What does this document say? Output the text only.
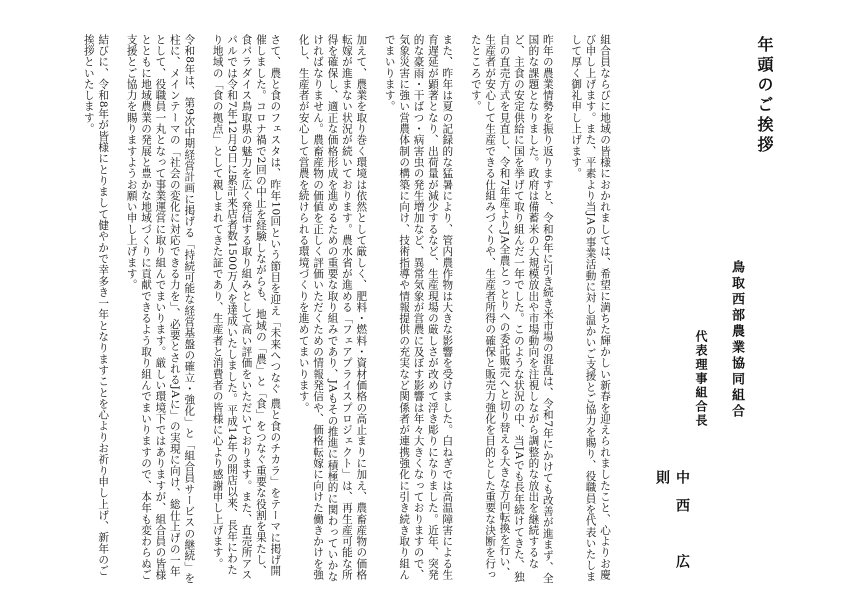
年頭のご挨拶
鳥取西部農業協同組合
代表理事組合長
中西　広則

組合員ならびに地域の皆様におかれましては、希望に満ちた輝かしい新春を迎えられましたこと、心よりお慶び申し上げます。また、平素より当JAの事業活動に対し温かいご支援とご協力を賜り、役職員を代表いたしまして厚く御礼申し上げます。

昨年の農業情勢を振り返りますと、令和6年に引き続き米市場の混乱は、令和7年にかけても改善が進まず、全国的な課題となりました。政府は備蓄米の大規模放出や市場動向を注視しながら調整的な放出を継続するなど、主食の安定供給に国を挙げて取り組んだ一年でした。このような状況の中、当JAでも長年続けてきた、独自の直売方式を見直し、令和7年産よりJA全農とっとりへの委託販売へと切り替える大きな方向転換を行い、生産者が安心して生産できる仕組みづくりや、生産者所得の確保と販売力強化を目的とした重要な決断を行ったところです。

また、昨年は夏の記録的な猛暑により、管内農作物は大きな影響を受けました。白ねぎでは高温障害による生育遅延が顕著となり、出荷量が減少するなど、生産現場の厳しさが改めて浮き彫りになりました。近年、突発的な豪雨・干ばつ・病害虫の発生増加など、異常気象が営農に及ぼす影響は年々大きくなっておりますので、気象災害に強い営農体制の構築に向け、技術指導や情報提供の充実など関係者が連携強化に引き続き取り組んでまいります。

加えて、農業を取り巻く環境は依然として厳しく、肥料・燃料・資材価格の高止まりに加え、農畜産物の価格転嫁が進まない状況が続いております。農水省が進める「フェアプライスプロジェクト」は、再生産可能な所得を確保し、適正な価格形成を進めるための重要な取り組みであり、JAもその推進に積極的に関わっていかなければなりません。農畜産物の価値を正しく評価いただくための情報発信や、価格転嫁に向けた働きかけを強化し、生産者が安心して営農を続けられる環境づくりを進めてまいります。

さて、農と食のフェスタは、昨年10回という節目を迎え「未来へつなぐ 農と食のチカラ」をテーマに掲げ開催しました。コロナ禍で2回の中止を経験しながらも、地域の「農」と「食」をつなぐ重要な役割を果たし、食パラダイス鳥取県の魅力を広く発信する取り組みとして高い評価をいただいております。また、直売所アスパルでは令和7年12月9日に累計来店者数1500万人を達成いたしました。平成14年の開店以来、長年にわたり地域の「食の拠点」として親しまれてきた証であり、生産者と消費者の皆様に心より感謝申し上げます。

令和8年は、第9次中期経営計画に掲げる「持続可能な経営基盤の確立・強化」と「組合員サービスの継続」を柱に、メインテーマの「社会の変化に対応できる力を」、必要とされるJAに」の実現に向け、総仕上げの一年として、役職員一丸となって事業運営に取り組んでまいります。厳しい環境下ではありますが、組合員の皆様とともに地域農業の発展と豊かな地域づくりに貢献できるよう取り組んでまいりますので、本年も変わらぬご支援とご協力を賜りますようお願い申し上げます。

結びに、令和8年が皆様にとりまして健やかで幸多き一年となりますことを心よりお祈り申し上げ、新年のご挨拶といたします。
